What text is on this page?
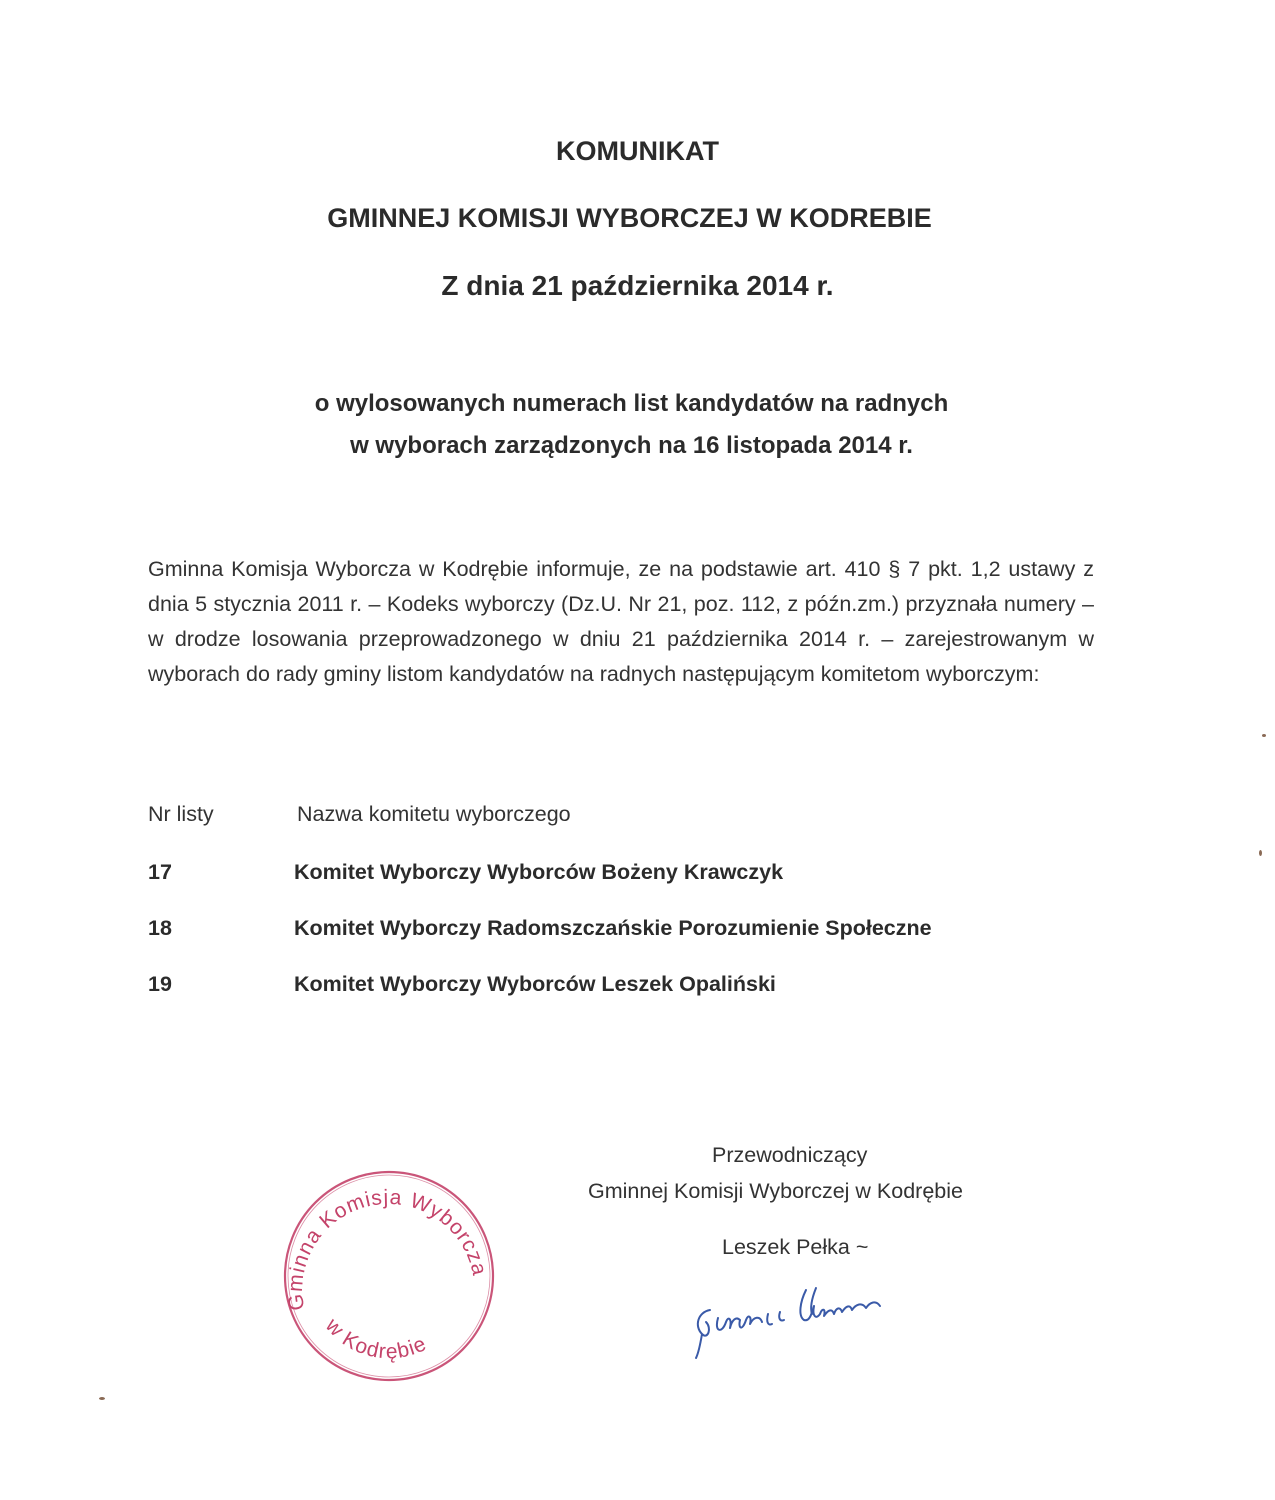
KOMUNIKAT
GMINNEJ KOMISJI WYBORCZEJ W KODREBIE
Z dnia 21 października 2014 r.
o wylosowanych numerach list kandydatów na radnych
w wyborach zarządzonych na 16 listopada 2014 r.
Gminna Komisja Wyborcza w Kodrębie informuje, ze na podstawie art. 410 § 7 pkt. 1,2 ustawy z dnia 5 stycznia 2011 r. – Kodeks wyborczy (Dz.U. Nr 21, poz. 112, z późn.zm.) przyznała numery – w drodze losowania przeprowadzonego w dniu 21 października 2014 r. – zarejestrowanym w wyborach do rady gminy listom kandydatów na radnych następującym komitetom wyborczym:
Nr listy	Nazwa komitetu wyborczego
17	Komitet Wyborczy Wyborców Bożeny Krawczyk
18	Komitet Wyborczy Radomszczańskie Porozumienie Społeczne
19	Komitet Wyborczy Wyborców Leszek Opaliński
Przewodniczący
Gminnej Komisji Wyborczej w Kodrębie
Leszek Pełka ~
Gminna Komisja Wyborcza
w Kodrębie
